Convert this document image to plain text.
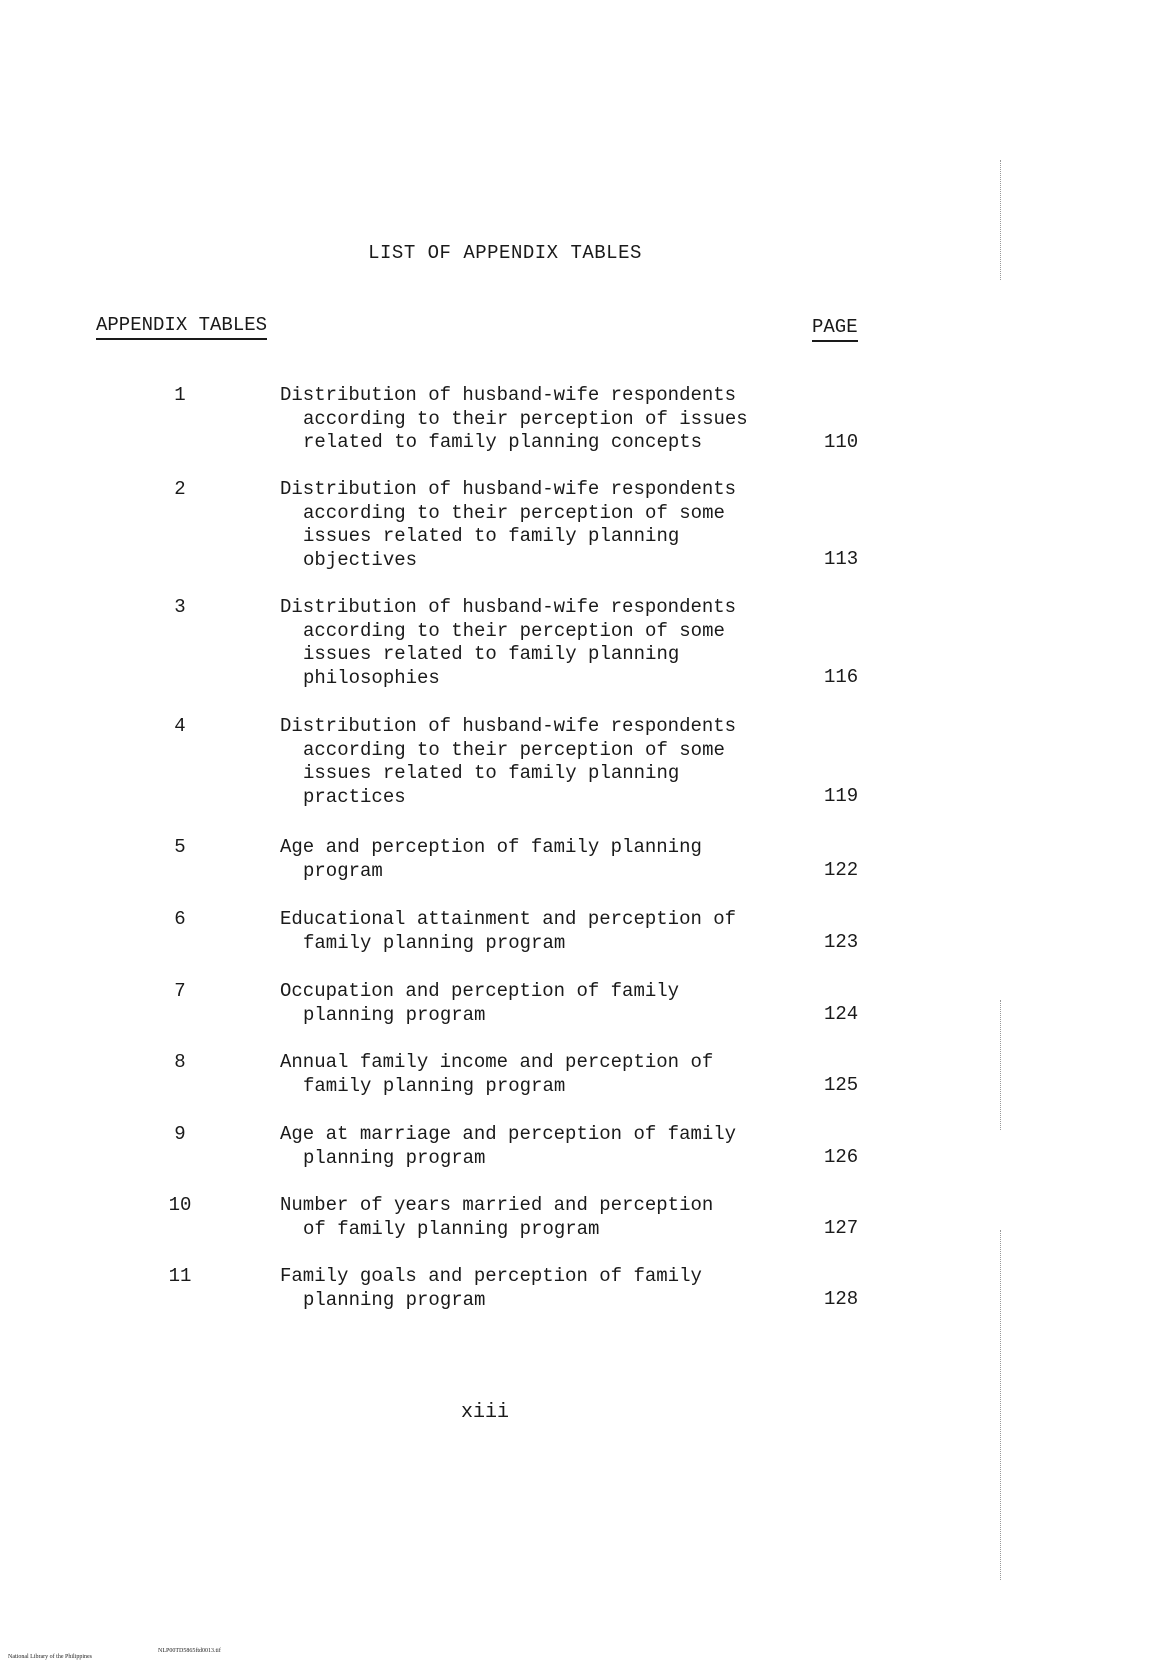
LIST OF APPENDIX TABLES
APPENDIX TABLES	PAGE
1	Distribution of husband-wife respondents
according to their perception of issues
related to family planning concepts	110
2	Distribution of husband-wife respondents
according to their perception of some
issues related to family planning
objectives	113
3	Distribution of husband-wife respondents
according to their perception of some
issues related to family planning
philosophies	116
4	Distribution of husband-wife respondents
according to their perception of some
issues related to family planning
practices	119
5	Age and perception of family planning
program	122
6	Educational attainment and perception of
family planning program	123
7	Occupation and perception of family
planning program	124
8	Annual family income and perception of
family planning program	125
9	Age at marriage and perception of family
planning program	126
10	Number of years married and perception
of family planning program	127
11	Family goals and perception of family
planning program	128
xiii

National Library of the Philippines

NLP00TD5865ftd0013.tif
